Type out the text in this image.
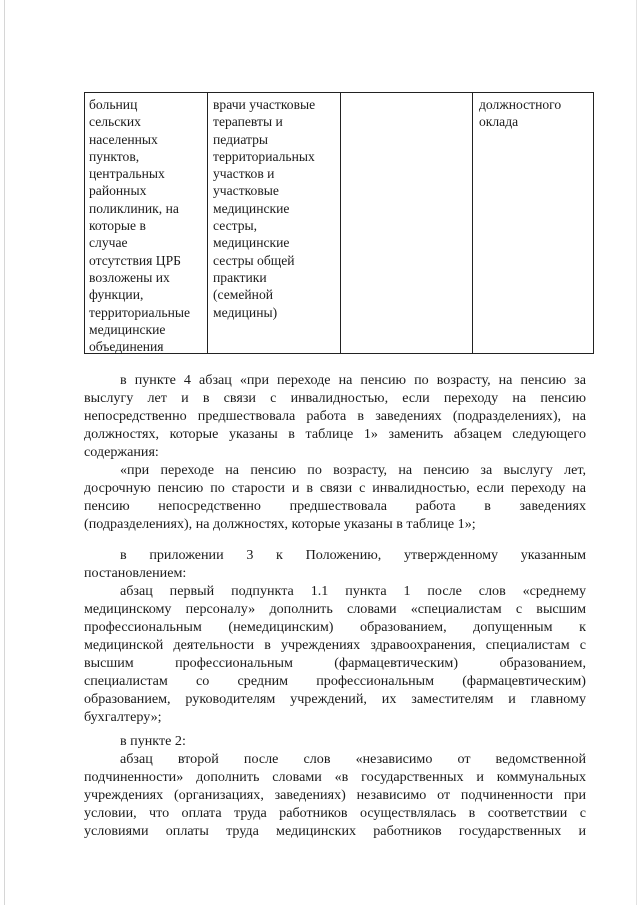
больниц
сельских
населенных
пунктов,
центральных
районных
поликлиник, на
которые в
случае
отсутствия ЦРБ
возложены их
функции,
территориальные
медицинские
объединения
врачи участковые
терапевты и
педиатры
территориальных
участков и
участковые
медицинские
сестры,
медицинские
сестры общей
практики
(семейной
медицины)
должностного
оклада
в пункте 4 абзац «при переходе на пенсию по возрасту, на пенсию за
выслугу лет и в связи с инвалидностью, если переходу на пенсию
непосредственно предшествовала работа в заведениях (подразделениях), на
должностях, которые указаны в таблице 1» заменить абзацем следующего
содержания:
«при переходе на пенсию по возрасту, на пенсию за выслугу лет,
досрочную пенсию по старости и в связи с инвалидностью, если переходу на
пенсию непосредственно предшествовала работа в заведениях
(подразделениях), на должностях, которые указаны в таблице 1»;
в приложении 3 к Положению, утвержденному указанным
постановлением:
абзац первый подпункта 1.1 пункта 1 после слов «среднему
медицинскому персоналу» дополнить словами «специалистам с высшим
профессиональным (немедицинским) образованием, допущенным к
медицинской деятельности в учреждениях здравоохранения, специалистам с
высшим профессиональным (фармацевтическим) образованием,
специалистам со средним профессиональным (фармацевтическим)
образованием, руководителям учреждений, их заместителям и главному
бухгалтеру»;
в пункте 2:
абзац второй после слов «независимо от ведомственной
подчиненности» дополнить словами «в государственных и коммунальных
учреждениях (организациях, заведениях) независимо от подчиненности при
условии, что оплата труда работников осуществлялась в соответствии с
условиями оплаты труда медицинских работников государственных и
